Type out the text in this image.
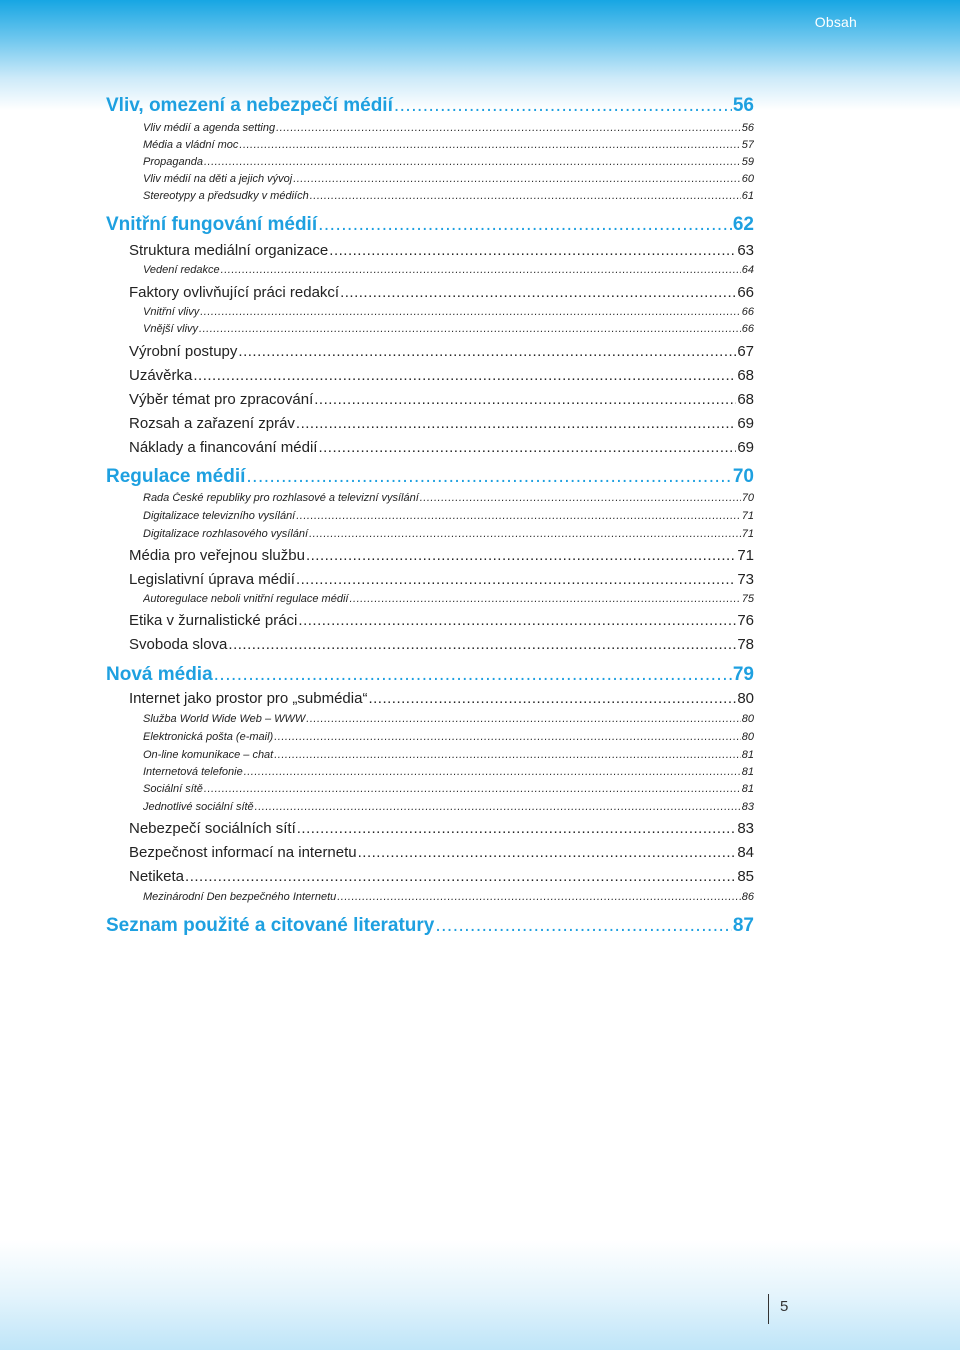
Obsah
Vliv, omezení a nebezpečí médií .....	56
Vliv médií a agenda setting .....	56
Média a vládní moc .....	57
Propaganda .....	59
Vliv médií na děti a jejich vývoj .....	60
Stereotypy a předsudky v médiích .....	61
Vnitřní fungování médií .....	62
Struktura mediální organizace .....	63
Vedení redakce .....	64
Faktory ovlivňující práci redakcí .....	66
Vnitřní vlivy .....	66
Vnější vlivy .....	66
Výrobní postupy .....	67
Uzávěrka .....	68
Výběr témat pro zpracování .....	68
Rozsah a zařazení zpráv .....	69
Náklady a financování médií .....	69
Regulace médií .....	70
Rada České republiky pro rozhlasové a televizní vysílání .....	70
Digitalizace televizního vysílání .....	71
Digitalizace rozhlasového vysílání .....	71
Média pro veřejnou službu .....	71
Legislativní úprava médií .....	73
Autoregulace neboli vnitřní regulace médií .....	75
Etika v žurnalistické práci .....	76
Svoboda slova .....	78
Nová média .....	79
Internet jako prostor pro „submédia“ .....	80
Služba World Wide Web – WWW .....	80
Elektronická pošta (e-mail) .....	80
On-line komunikace – chat .....	81
Internetová telefonie .....	81
Sociální sítě .....	81
Jednotlivé sociální sítě .....	83
Nebezpečí sociálních sítí .....	83
Bezpečnost informací na internetu .....	84
Netiketa .....	85
Mezinárodní Den bezpečného Internetu .....	86
Seznam použité a citované literatury .....	87
5
